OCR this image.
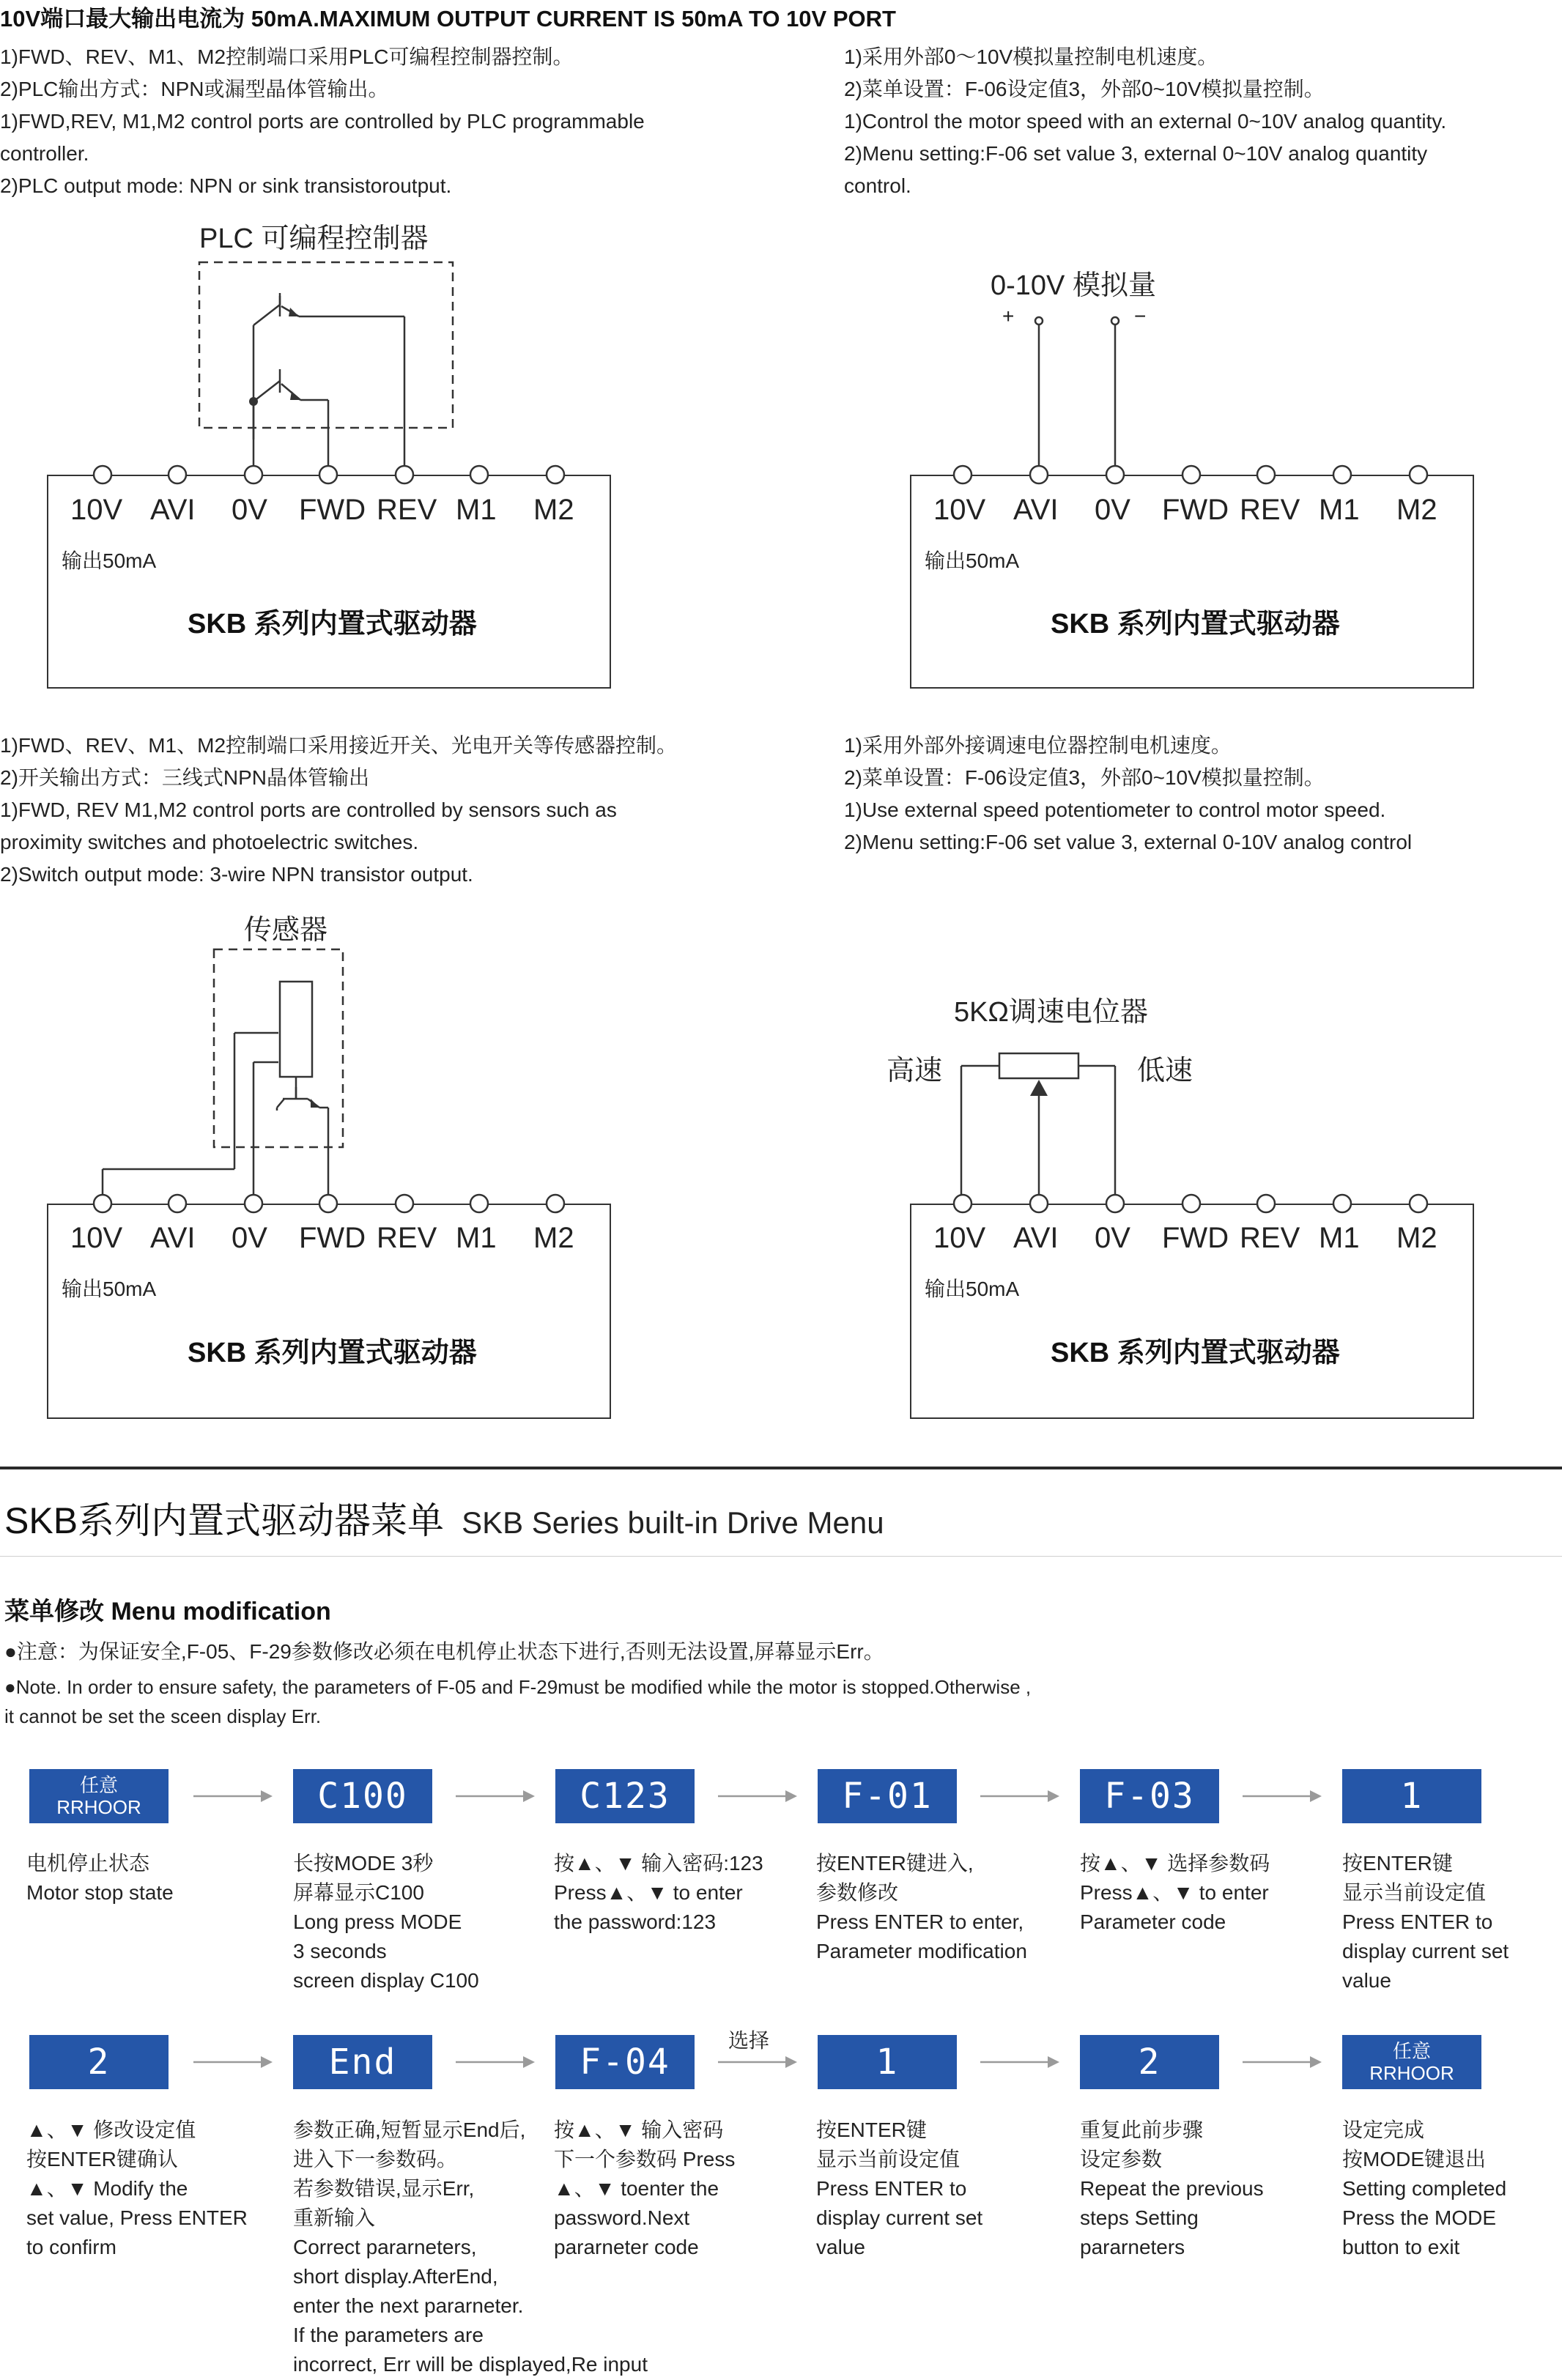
10V端口最大输出电流为 50mA.MAXIMUM OUTPUT CURRENT IS 50mA TO 10V PORT

1)FWD、REV、M1、M2控制端口采用PLC可编程控制器控制。

2)PLC输出方式：NPN或漏型晶体管输出。

1)FWD,REV, M1,M2 control ports are controlled by PLC programmable

controller.

2)PLC output mode: NPN or sink transistoroutput.

1)采用外部0～10V模拟量控制电机速度。

2)菜单设置：F-06设定值3，外部0~10V模拟量控制。

1)Control the motor speed with an external 0~10V analog quantity.

2)Menu setting:F-06 set value 3, external 0~10V analog quantity

control.

1)FWD、REV、M1、M2控制端口采用接近开关、光电开关等传感器控制。

2)开关输出方式：三线式NPN晶体管输出

1)FWD, REV M1,M2 control ports are controlled by sensors such as

proximity switches and photoelectric switches.

2)Switch output mode: 3-wire NPN transistor output.

1)采用外部外接调速电位器控制电机速度。

2)菜单设置：F-06设定值3，外部0~10V模拟量控制。

1)Use external speed potentiometer to control motor speed.

2)Menu setting:F-06 set value 3, external 0-10V analog control

10V AVI 0V FWD REV M1 M2
输出50mA
SKB 系列内置式驱动器
10V AVI 0V FWD REV M1 M2
输出50mA
SKB 系列内置式驱动器
10V AVI 0V FWD REV M1 M2
输出50mA
SKB 系列内置式驱动器
10V AVI 0V FWD REV M1 M2
输出50mA
SKB 系列内置式驱动器
PLC 可编程控制器
0-10V 模拟量
+	−
传感器
5KΩ调速电位器
高速	低速
SKB系列内置式驱动器菜单 SKB Series built-in Drive Menu
菜单修改 Menu modification
●注意：为保证安全,F-05、F-29参数修改必须在电机停止状态下进行,否则无法设置,屏幕显示Err。
●Note. In order to ensure safety, the parameters of F-05 and F-29must be modified while the motor is stopped.Otherwise ,
it cannot be set the sceen display Err.
任意
RRHOOR	C100	C123	F-01	F-03	1
2	End	F-04	1	2	任意
RRHOOR
选择

电机停止状态

Motor stop state

长按MODE 3秒

屏幕显示C100

Long press MODE

3 seconds

screen display C100

按▲、▼ 输入密码:123

Press▲、▼ to enter

the password:123

按ENTER键进入,

参数修改

Press ENTER to enter,

Parameter modification

按▲、▼ 选择参数码

Press▲、▼ to enter

Parameter code

按ENTER键

显示当前设定值

Press ENTER to

display current set

value

▲、▼ 修改设定值

按ENTER键确认

▲、▼ Modify the

set value, Press ENTER

to confirm

参数正确,短暂显示End后,

进入下一参数码。

若参数错误,显示Err,

重新输入

Correct pararneters,

short display.AfterEnd,

enter the next pararneter.

If the parameters are

incorrect, Err will be displayed,Re input

按▲、▼ 输入密码

下一个参数码 Press

▲、▼ toenter the

password.Next

pararneter code

按ENTER键

显示当前设定值

Press ENTER to

display current set

value

重复此前步骤

设定参数

Repeat the previous

steps Setting

pararneters

设定完成

按MODE键退出

Setting completed

Press the MODE

button to exit
